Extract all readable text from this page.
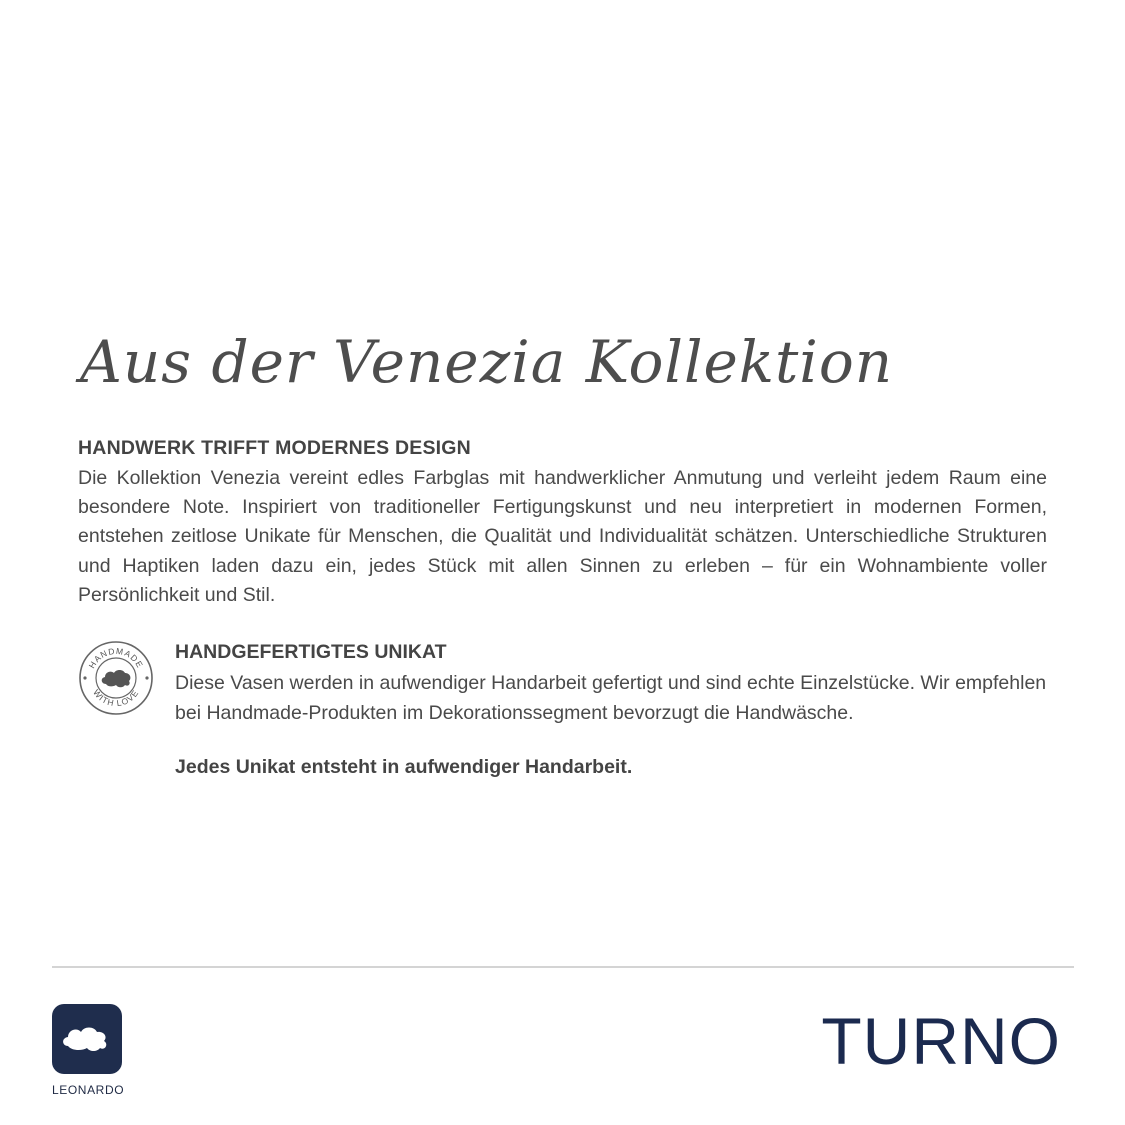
Aus der Venezia Kollektion
HANDWERK TRIFFT MODERNES DESIGN

Die Kollektion Venezia vereint edles Farbglas mit handwerklicher Anmutung und verleiht jedem Raum eine besondere Note. Inspiriert von traditioneller Fertigungskunst und neu interpretiert in modernen Formen, entstehen zeitlose Unikate für Menschen, die Qualität und Individualität schätzen. Unterschiedliche Strukturen und Haptiken laden dazu ein, jedes Stück mit allen Sinnen zu erleben – für ein Wohnambiente voller Persönlichkeit und Stil.

HANDMADE
WITH LOVE
HANDGEFERTIGTES UNIKAT

Diese Vasen werden in aufwendiger Handarbeit gefertigt und sind echte Einzelstücke. Wir empfehlen bei Handmade-Produkten im Dekorationssegment bevorzugt die Handwäsche.

Jedes Unikat entsteht in aufwendiger Handarbeit.

LEONARDO
TURNO
